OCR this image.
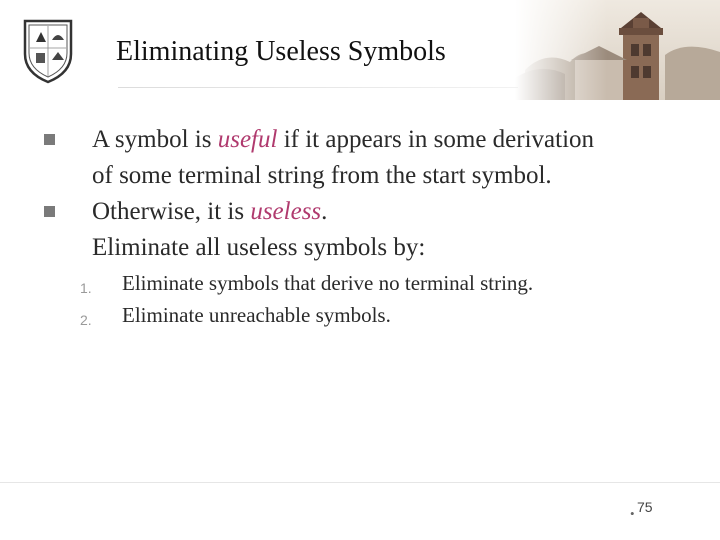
Eliminating Useless Symbols
A symbol is useful if it appears in some derivation
of some terminal string from the start symbol.
Otherwise, it is useless.
Eliminate all useless symbols by:
1. Eliminate symbols that derive no terminal string.
2. Eliminate unreachable symbols.
• 75
